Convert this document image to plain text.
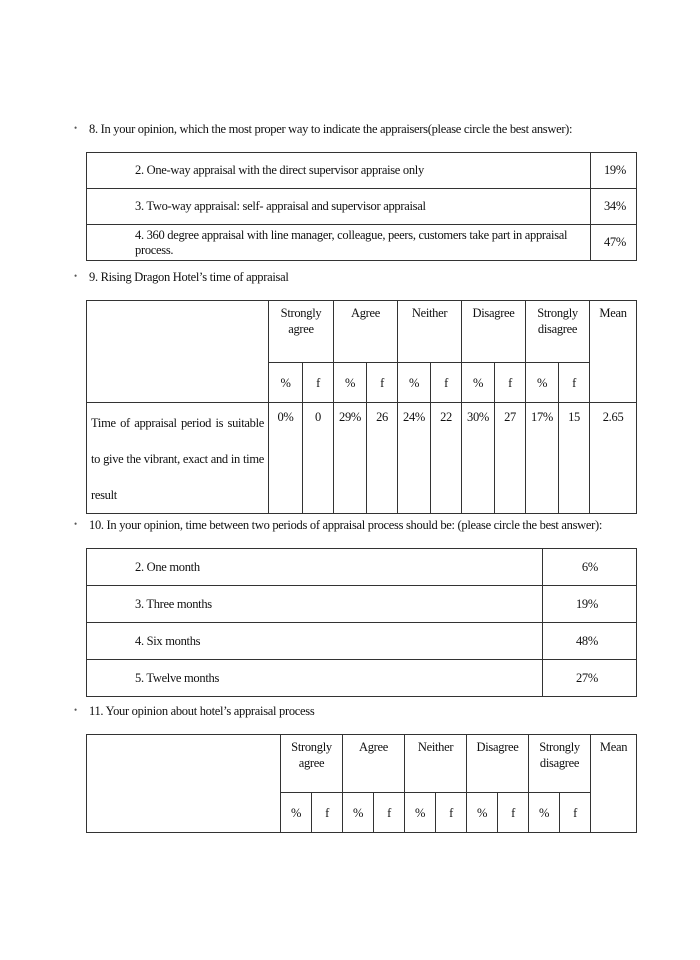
• 8. In your opinion, which the most proper way to indicate the appraisers(please circle the best answer):
2. One-way appraisal with the direct supervisor appraise only	19%
3. Two-way appraisal: self- appraisal and supervisor appraisal	34%
4. 360 degree appraisal with line manager, colleague, peers, customers take part in appraisal process.	47%
• 9. Rising Dragon Hotel’s time of appraisal
	Strongly agree		Agree		Neither		Disagree		Strongly disagree		Mean
	%	f	%	f	%	f	%	f	%	f	
Time of appraisal period is suitable to give the vibrant, exact and in time result	0%	0	29%	26	24%	22	30%	27	17%	15	2.65
• 10. In your opinion, time between two periods of appraisal process should be: (please circle the best answer):
2. One month	6%
3. Three months	19%
4. Six months	48%
5. Twelve months	27%
• 11. Your opinion about hotel’s appraisal process
	Strongly agree		Agree		Neither		Disagree		Strongly disagree		Mean
	%	f	%	f	%	f	%	f	%	f	
